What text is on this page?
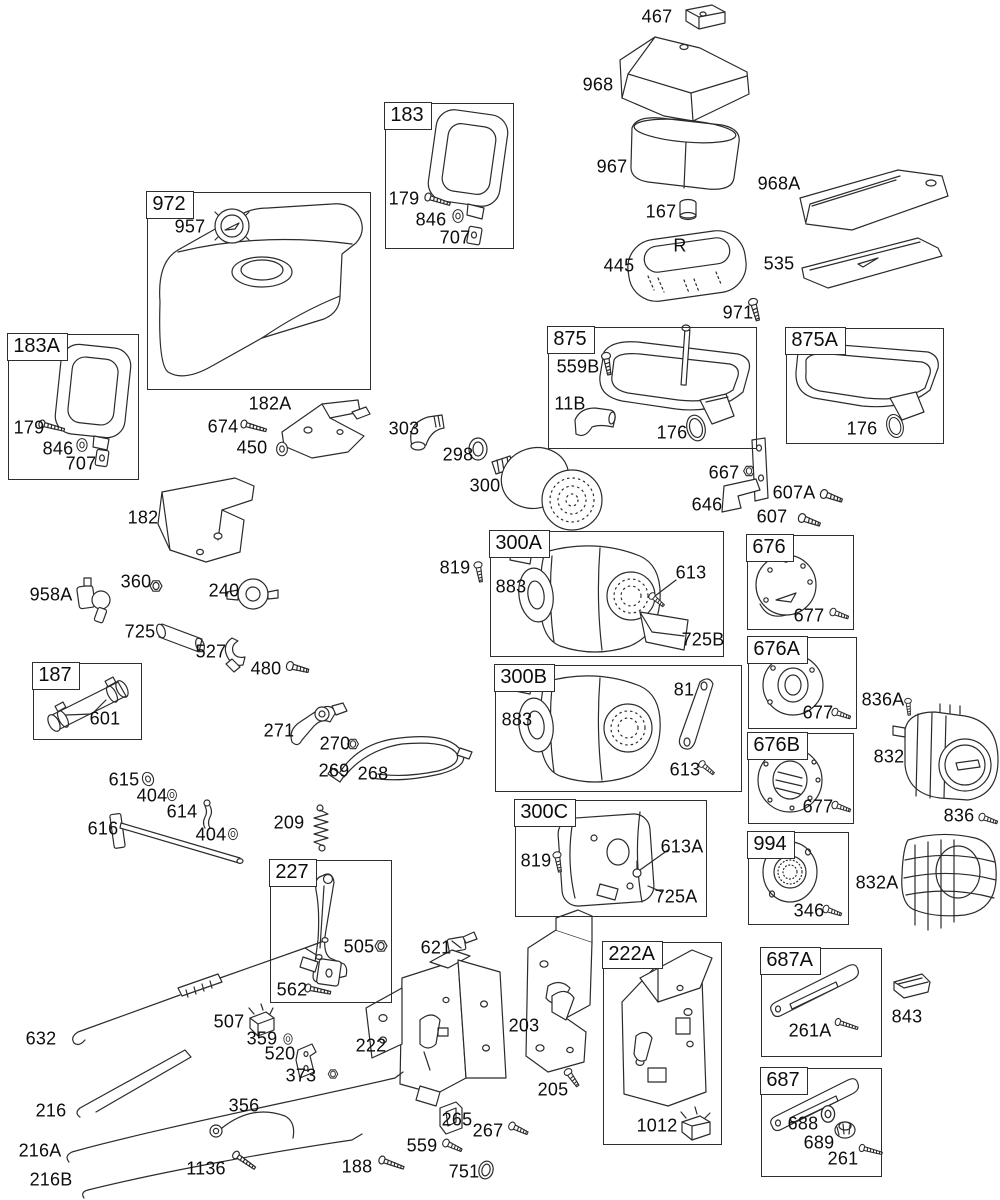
183
972
183A	875	875A
300A	676
300B
676A
676B
300C
994
187
227
222A	687A
687
467
968
967
968A
167
R
445	535
971
179
846
707
957
179
846
707
182A
674
450
182
958A
360	240
559B
11B
176	176
667
646
607A
607
303
298
300
819
883
613
725B
677
883
81
613
677
677
836A
832
836
819
613A
725A
346
832A
601
725
527
480
271
270
269 268
615
404
614
616	404
209
505
562
621
507
359
520
373
222
356
632
216
216A
216B
1136
203
205
265
267
559
188	751
1012
261A
843
688
689
261
